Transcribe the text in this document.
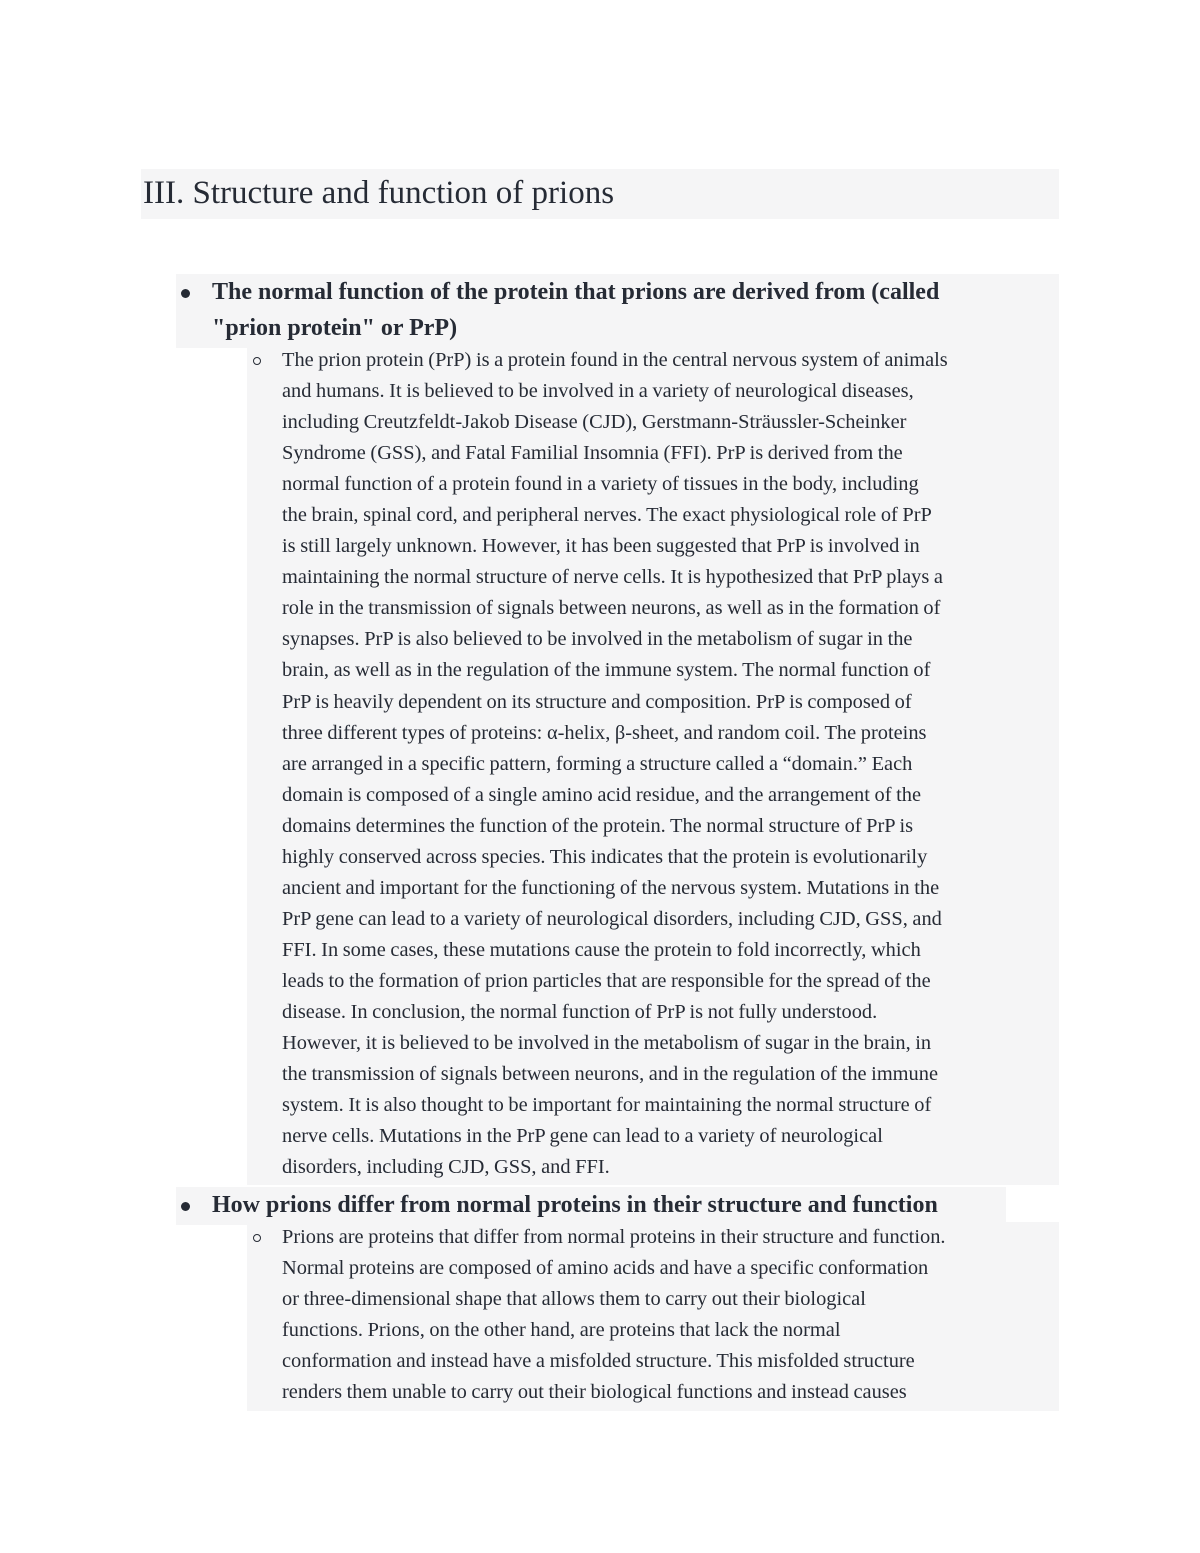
III. Structure and function of prions
The normal function of the protein that prions are derived from (called
"prion protein" or PrP)
The prion protein (PrP) is a protein found in the central nervous system of animals
and humans. It is believed to be involved in a variety of neurological diseases,
including Creutzfeldt-Jakob Disease (CJD), Gerstmann-Sträussler-Scheinker
Syndrome (GSS), and Fatal Familial Insomnia (FFI). PrP is derived from the
normal function of a protein found in a variety of tissues in the body, including
the brain, spinal cord, and peripheral nerves. The exact physiological role of PrP
is still largely unknown. However, it has been suggested that PrP is involved in
maintaining the normal structure of nerve cells. It is hypothesized that PrP plays a
role in the transmission of signals between neurons, as well as in the formation of
synapses. PrP is also believed to be involved in the metabolism of sugar in the
brain, as well as in the regulation of the immune system. The normal function of
PrP is heavily dependent on its structure and composition. PrP is composed of
three different types of proteins: α-helix, β-sheet, and random coil. The proteins
are arranged in a specific pattern, forming a structure called a “domain.” Each
domain is composed of a single amino acid residue, and the arrangement of the
domains determines the function of the protein. The normal structure of PrP is
highly conserved across species. This indicates that the protein is evolutionarily
ancient and important for the functioning of the nervous system. Mutations in the
PrP gene can lead to a variety of neurological disorders, including CJD, GSS, and
FFI. In some cases, these mutations cause the protein to fold incorrectly, which
leads to the formation of prion particles that are responsible for the spread of the
disease. In conclusion, the normal function of PrP is not fully understood.
However, it is believed to be involved in the metabolism of sugar in the brain, in
the transmission of signals between neurons, and in the regulation of the immune
system. It is also thought to be important for maintaining the normal structure of
nerve cells. Mutations in the PrP gene can lead to a variety of neurological
disorders, including CJD, GSS, and FFI.
How prions differ from normal proteins in their structure and function
Prions are proteins that differ from normal proteins in their structure and function.
Normal proteins are composed of amino acids and have a specific conformation
or three-dimensional shape that allows them to carry out their biological
functions. Prions, on the other hand, are proteins that lack the normal
conformation and instead have a misfolded structure. This misfolded structure
renders them unable to carry out their biological functions and instead causes
